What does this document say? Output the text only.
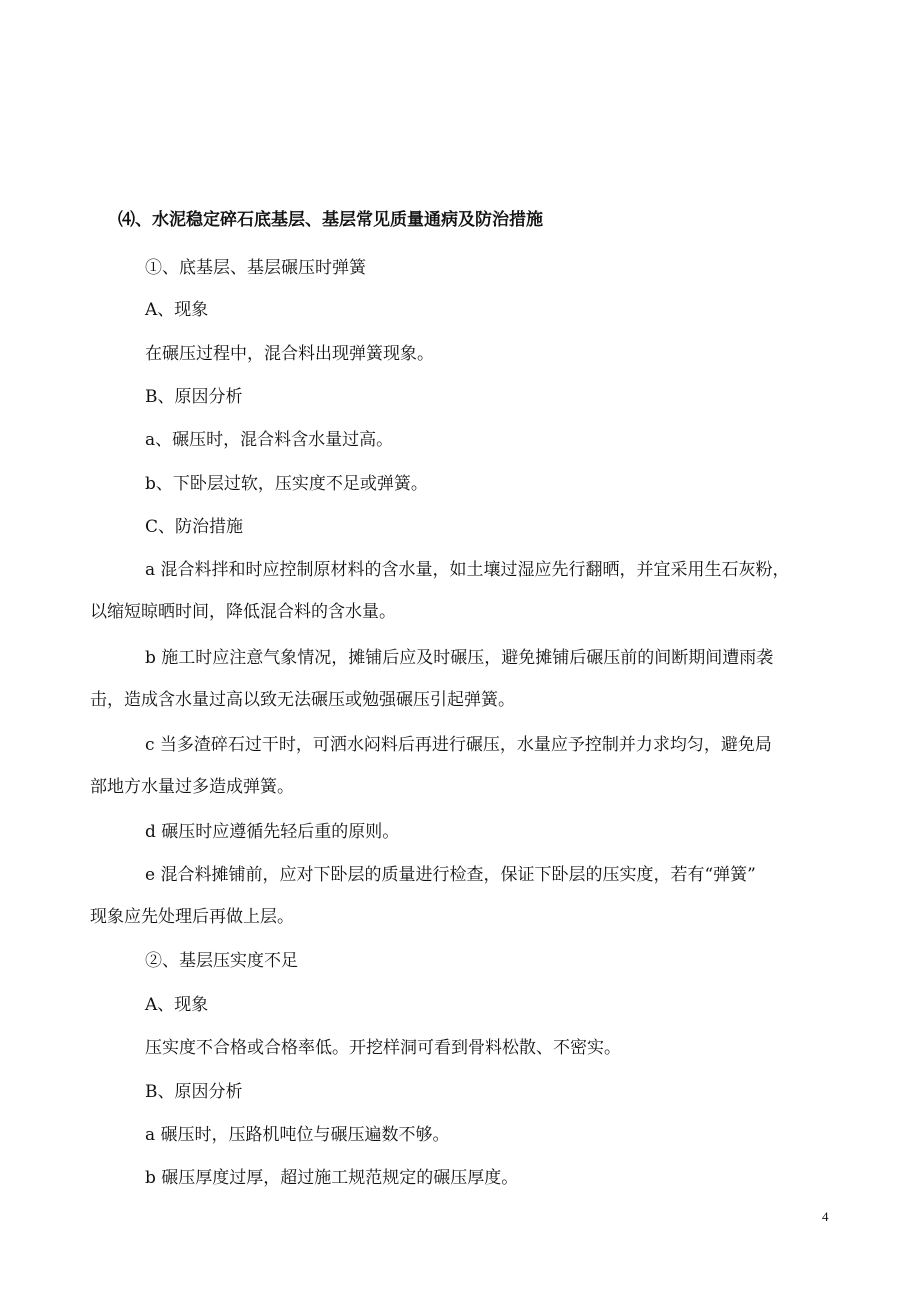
⑷、水泥稳定碎石底基层、基层常见质量通病及防治措施

①、底基层、基层碾压时弹簧

A、现象

在碾压过程中，混合料出现弹簧现象。

B、原因分析

a、碾压时，混合料含水量过高。

b、下卧层过软，压实度不足或弹簧。

C、防治措施

a 混合料拌和时应控制原材料的含水量，如土壤过湿应先行翻晒，并宜采用生石灰粉，

以缩短晾晒时间，降低混合料的含水量。

b 施工时应注意气象情况，摊铺后应及时碾压，避免摊铺后碾压前的间断期间遭雨袭

击，造成含水量过高以致无法碾压或勉强碾压引起弹簧。

c 当多渣碎石过干时，可洒水闷料后再进行碾压，水量应予控制并力求均匀，避免局

部地方水量过多造成弹簧。

d 碾压时应遵循先轻后重的原则。

e 混合料摊铺前，应对下卧层的质量进行检查，保证下卧层的压实度，若有“弹簧”

现象应先处理后再做上层。

②、基层压实度不足

A、现象

压实度不合格或合格率低。开挖样洞可看到骨料松散、不密实。

B、原因分析

a 碾压时，压路机吨位与碾压遍数不够。

b 碾压厚度过厚，超过施工规范规定的碾压厚度。

4
